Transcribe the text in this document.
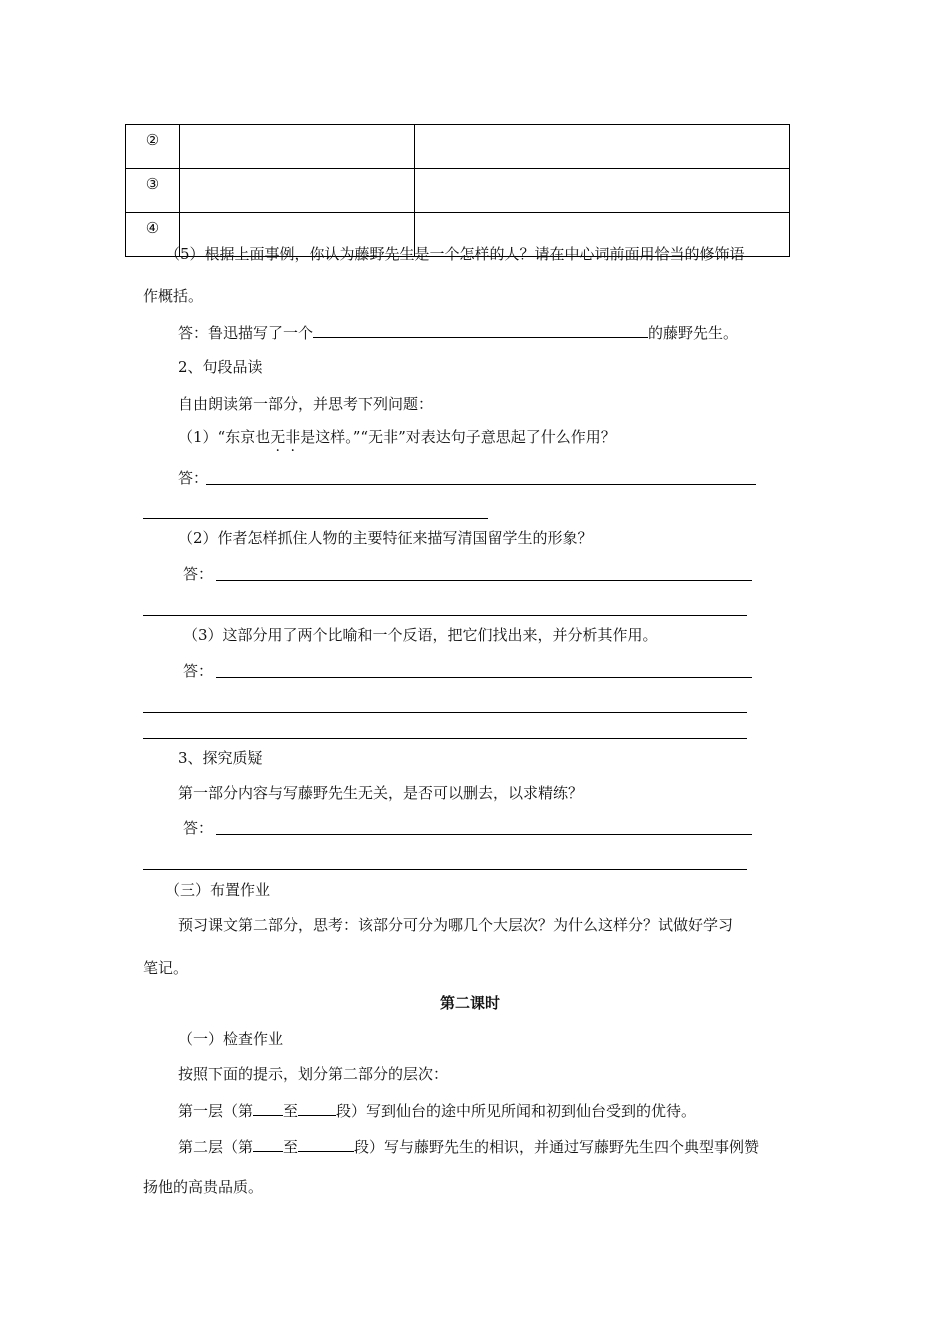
②		
③		
④		
（5）根据上面事例，你认为藤野先生是一个怎样的人？请在中心词前面用恰当的修饰语
作概括。
答：鲁迅描写了一个	的藤野先生。
2、句段品读
自由朗读第一部分，并思考下列问题：
（1）“东京也无非是这样。”“无非”对表达句子意思起了什么作用？
答：
（2）作者怎样抓住人物的主要特征来描写清国留学生的形象？
答：
（3）这部分用了两个比喻和一个反语，把它们找出来，并分析其作用。
答：
3、探究质疑
第一部分内容与写藤野先生无关，是否可以删去，以求精练？
答：
（三）布置作业
预习课文第二部分，思考：该部分可分为哪几个大层次？为什么这样分？试做好学习
笔记。
第二课时
（一）检查作业
按照下面的提示，划分第二部分的层次：
第一层（第 至	段）写到仙台的途中所见所闻和初到仙台受到的优待。
第二层（第 至	段）写与藤野先生的相识，并通过写藤野先生四个典型事例赞
扬他的高贵品质。
